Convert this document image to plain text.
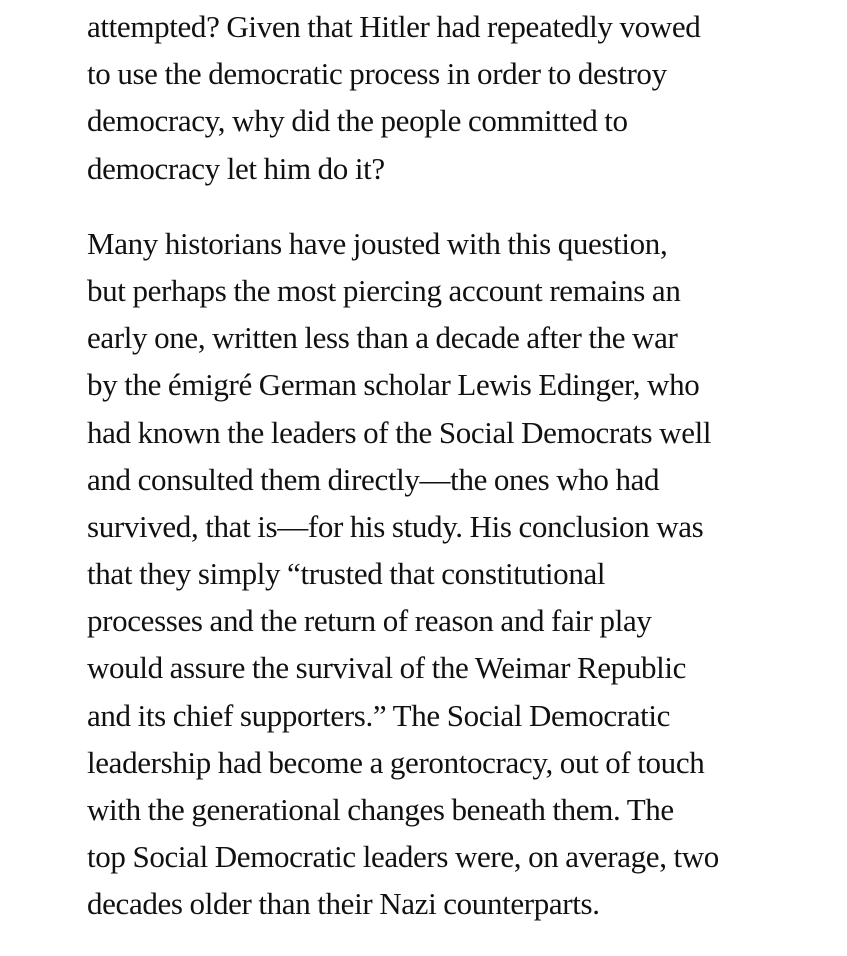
attempted? Given that Hitler had repeatedly vowed
to use the democratic process in order to destroy
democracy, why did the people committed to
democracy let him do it?

Many historians have jousted with this question,
but perhaps the most piercing account remains an
early one, written less than a decade after the war
by the émigré German scholar Lewis Edinger, who
had known the leaders of the Social Democrats well
and consulted them directly—the ones who had
survived, that is—for his study. His conclusion was
that they simply “trusted that constitutional
processes and the return of reason and fair play
would assure the survival of the Weimar Republic
and its chief supporters.” The Social Democratic
leadership had become a gerontocracy, out of touch
with the generational changes beneath them. The
top Social Democratic leaders were, on average, two
decades older than their Nazi counterparts.
